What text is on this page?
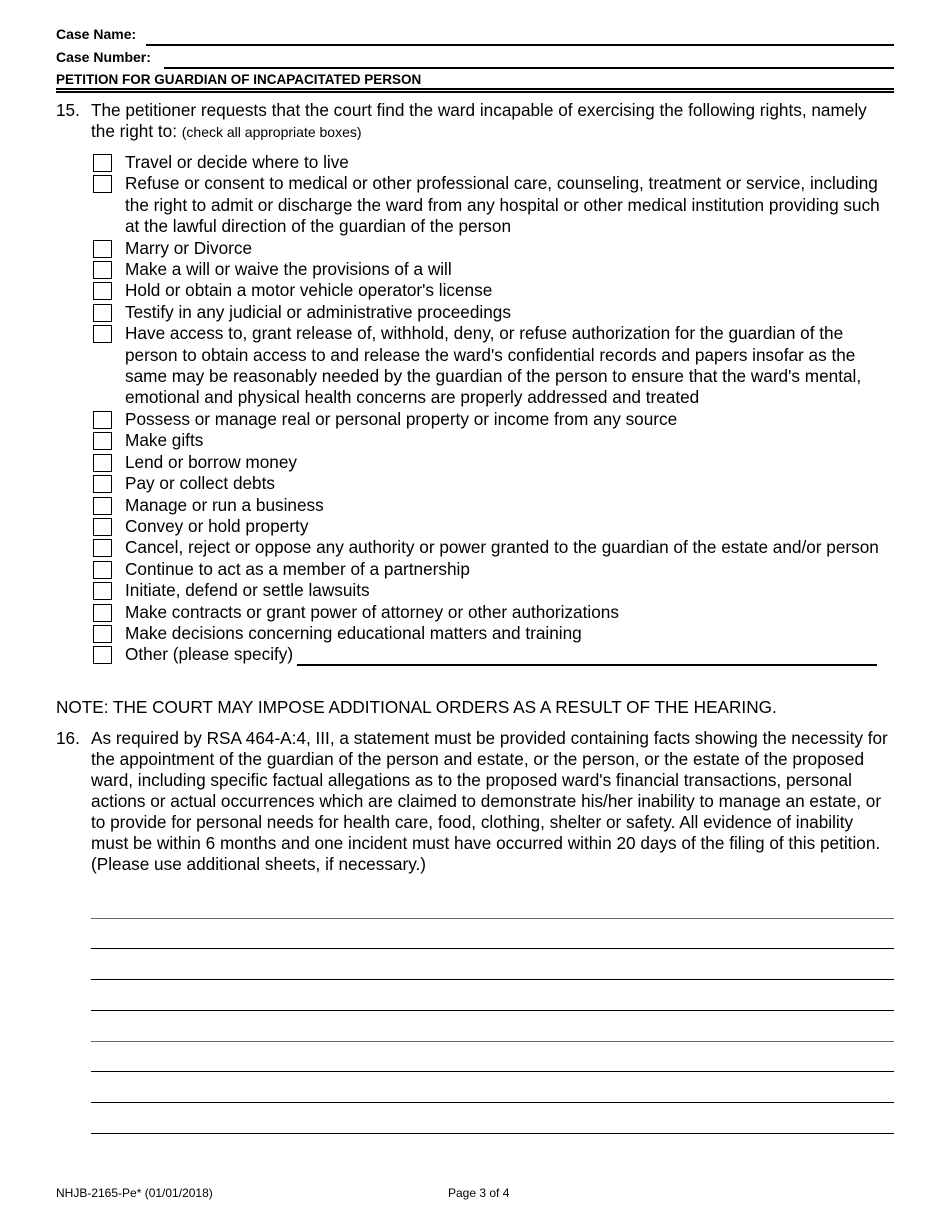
Case Name:
Case Number:
PETITION FOR GUARDIAN OF INCAPACITATED PERSON
15. The petitioner requests that the court find the ward incapable of exercising the following rights, namely the right to: (check all appropriate boxes)
Travel or decide where to live
Refuse or consent to medical or other professional care, counseling, treatment or service, including the right to admit or discharge the ward from any hospital or other medical institution providing such at the lawful direction of the guardian of the person
Marry or Divorce
Make a will or waive the provisions of a will
Hold or obtain a motor vehicle operator's license
Testify in any judicial or administrative proceedings
Have access to, grant release of, withhold, deny, or refuse authorization for the guardian of the person to obtain access to and release the ward's confidential records and papers insofar as the same may be reasonably needed by the guardian of the person to ensure that the ward's mental, emotional and physical health concerns are properly addressed and treated
Possess or manage real or personal property or income from any source
Make gifts
Lend or borrow money
Pay or collect debts
Manage or run a business
Convey or hold property
Cancel, reject or oppose any authority or power granted to the guardian of the estate and/or person
Continue to act as a member of a partnership
Initiate, defend or settle lawsuits
Make contracts or grant power of attorney or other authorizations
Make decisions concerning educational matters and training
Other (please specify)
NOTE: THE COURT MAY IMPOSE ADDITIONAL ORDERS AS A RESULT OF THE HEARING.
16. As required by RSA 464-A:4, III, a statement must be provided containing facts showing the necessity for the appointment of the guardian of the person and estate, or the person, or the estate of the proposed ward, including specific factual allegations as to the proposed ward's financial transactions, personal actions or actual occurrences which are claimed to demonstrate his/her inability to manage an estate, or to provide for personal needs for health care, food, clothing, shelter or safety. All evidence of inability must be within 6 months and one incident must have occurred within 20 days of the filing of this petition. (Please use additional sheets, if necessary.)
NHJB-2165-Pe* (01/01/2018)	Page 3 of 4
